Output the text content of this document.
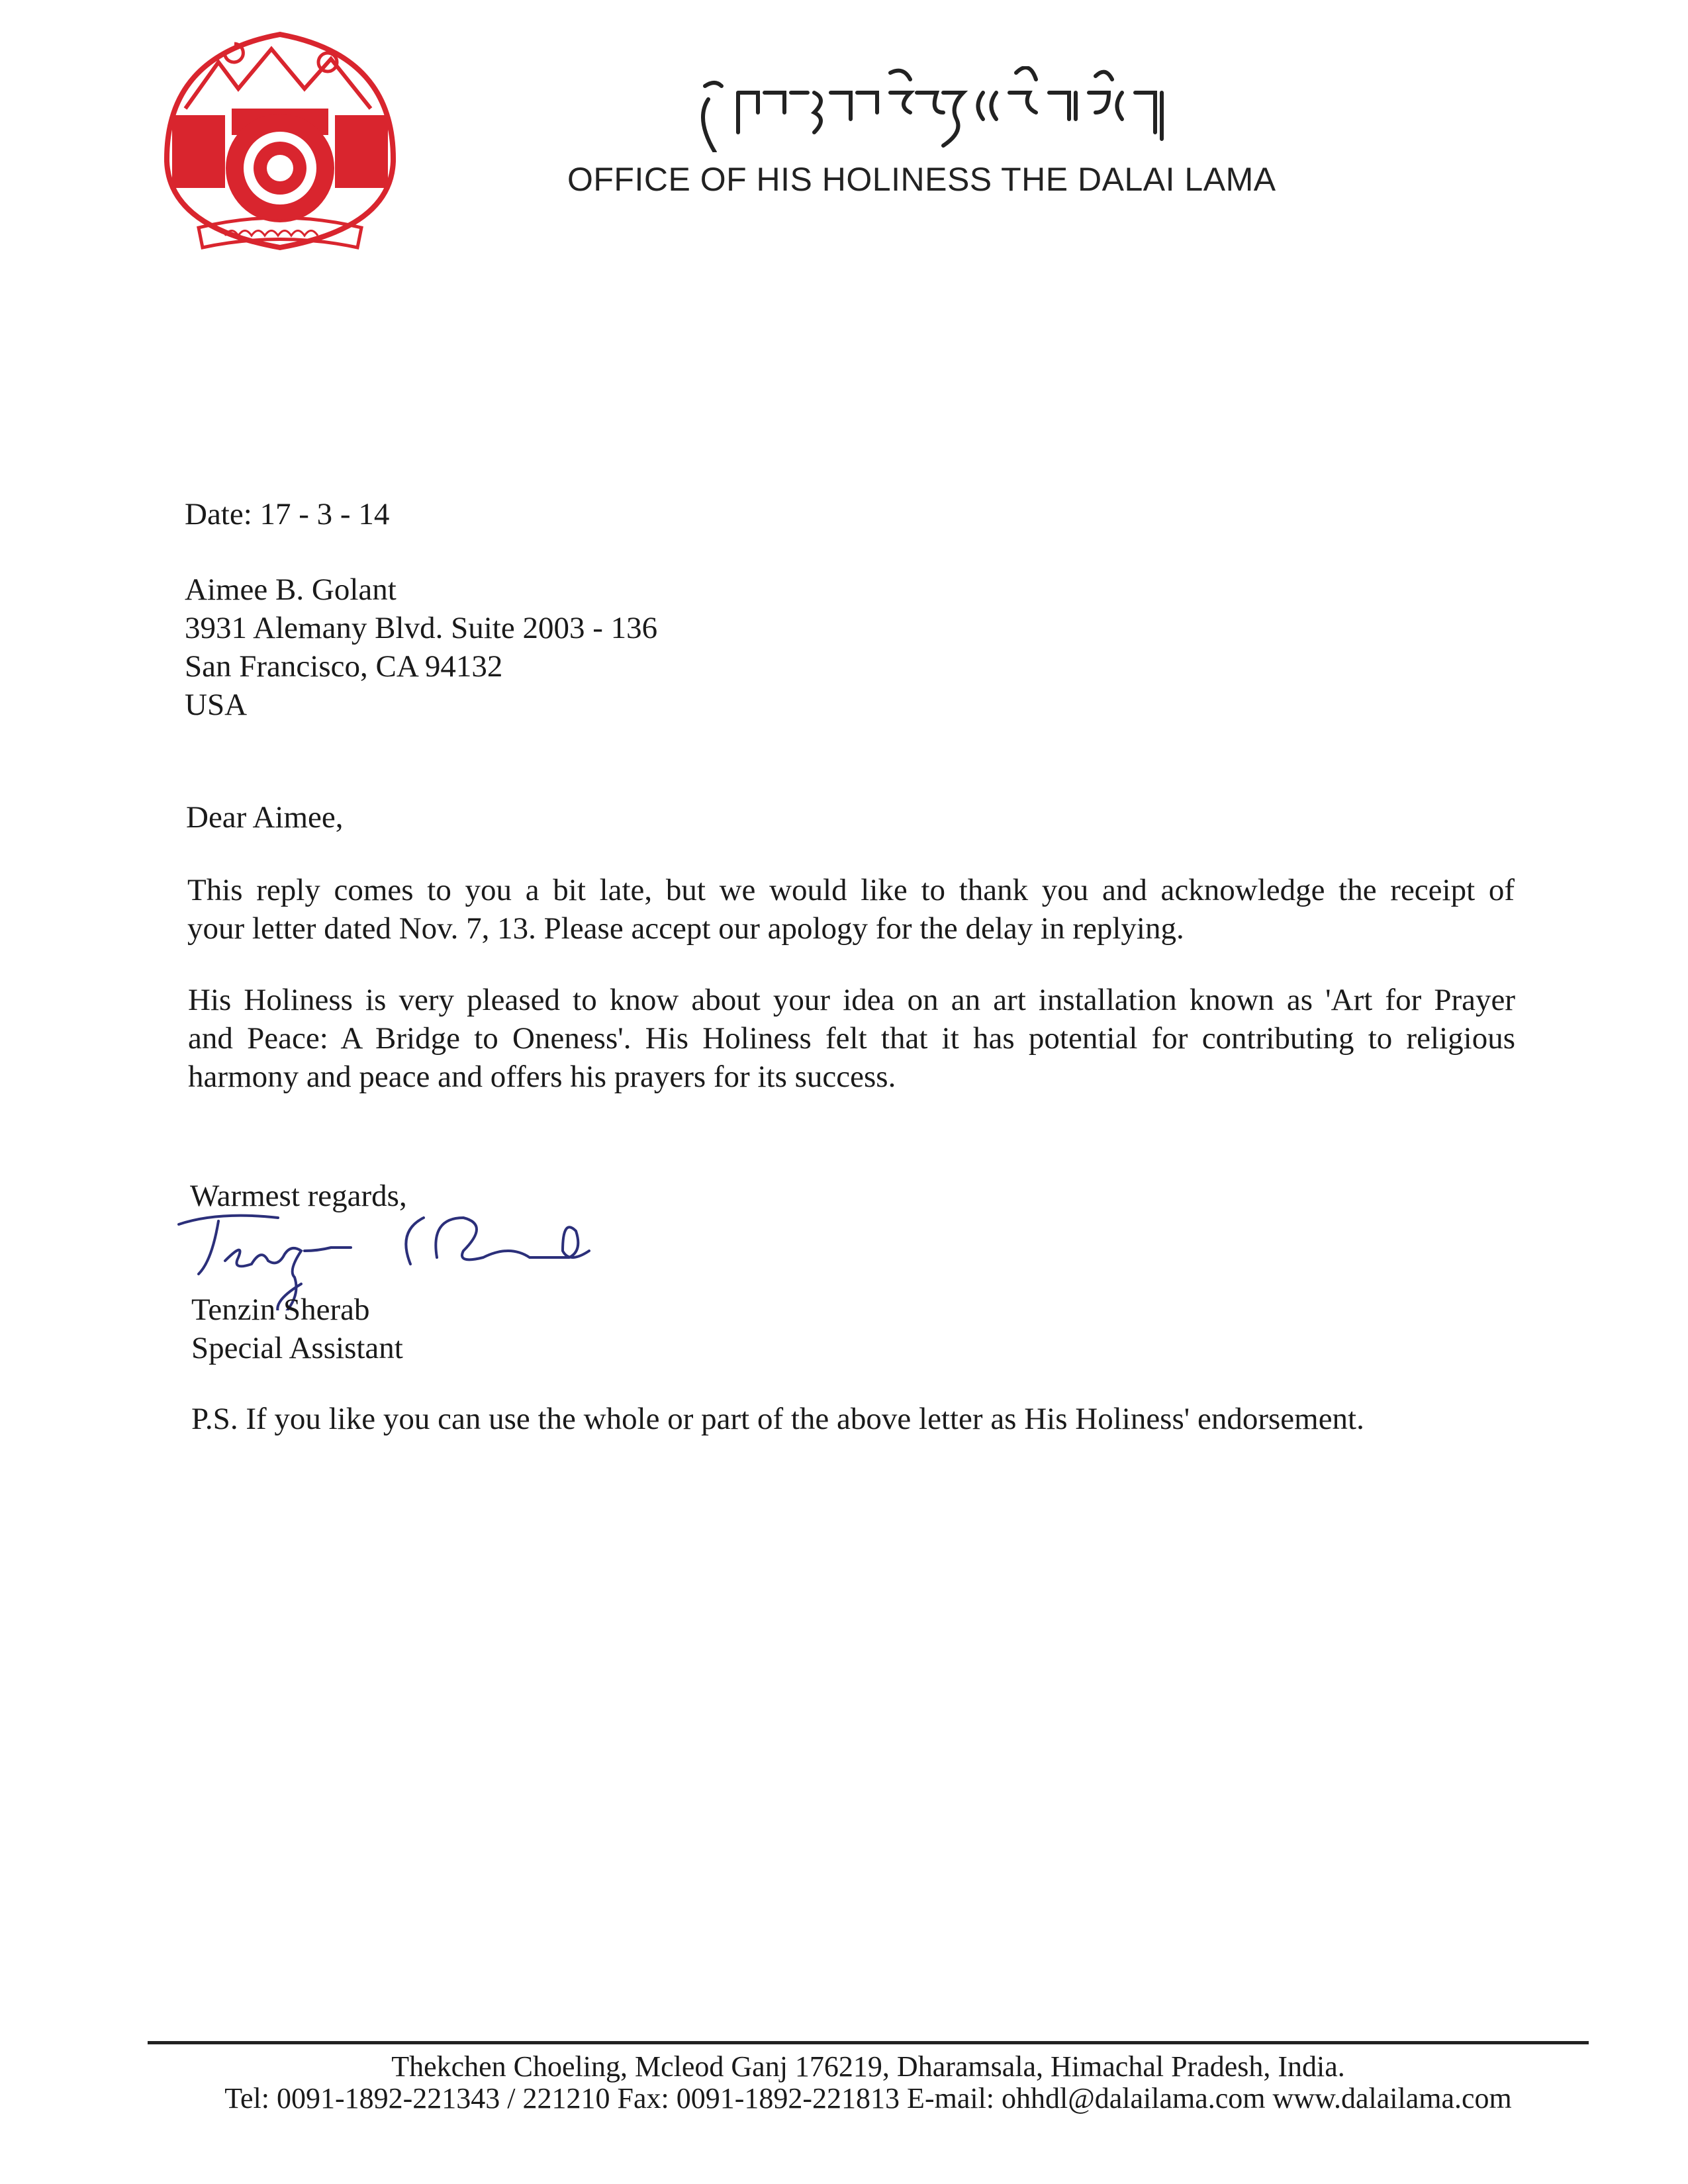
OFFICE OF HIS HOLINESS THE DALAI LAMA
Date: 17 - 3 - 14
Aimee B. Golant
3931 Alemany Blvd. Suite 2003 - 136
San Francisco, CA 94132
USA
Dear Aimee,
This reply comes to you a bit late, but we would like to thank you and acknowledge the receipt of
your letter dated Nov. 7, 13. Please accept our apology for the delay in replying.
His Holiness is very pleased to know about your idea on an art installation known as 'Art for Prayer
and Peace: A Bridge to Oneness'. His Holiness felt that it has potential for contributing to religious
harmony and peace and offers his prayers for its success.
Warmest regards,
Tenzin Sherab
Special Assistant
P.S. If you like you can use the whole or part of the above letter as His Holiness' endorsement.
Thekchen Choeling, Mcleod Ganj 176219, Dharamsala, Himachal Pradesh, India.
Tel: 0091-1892-221343 / 221210 Fax: 0091-1892-221813 E-mail: ohhdl@dalailama.com www.dalailama.com
